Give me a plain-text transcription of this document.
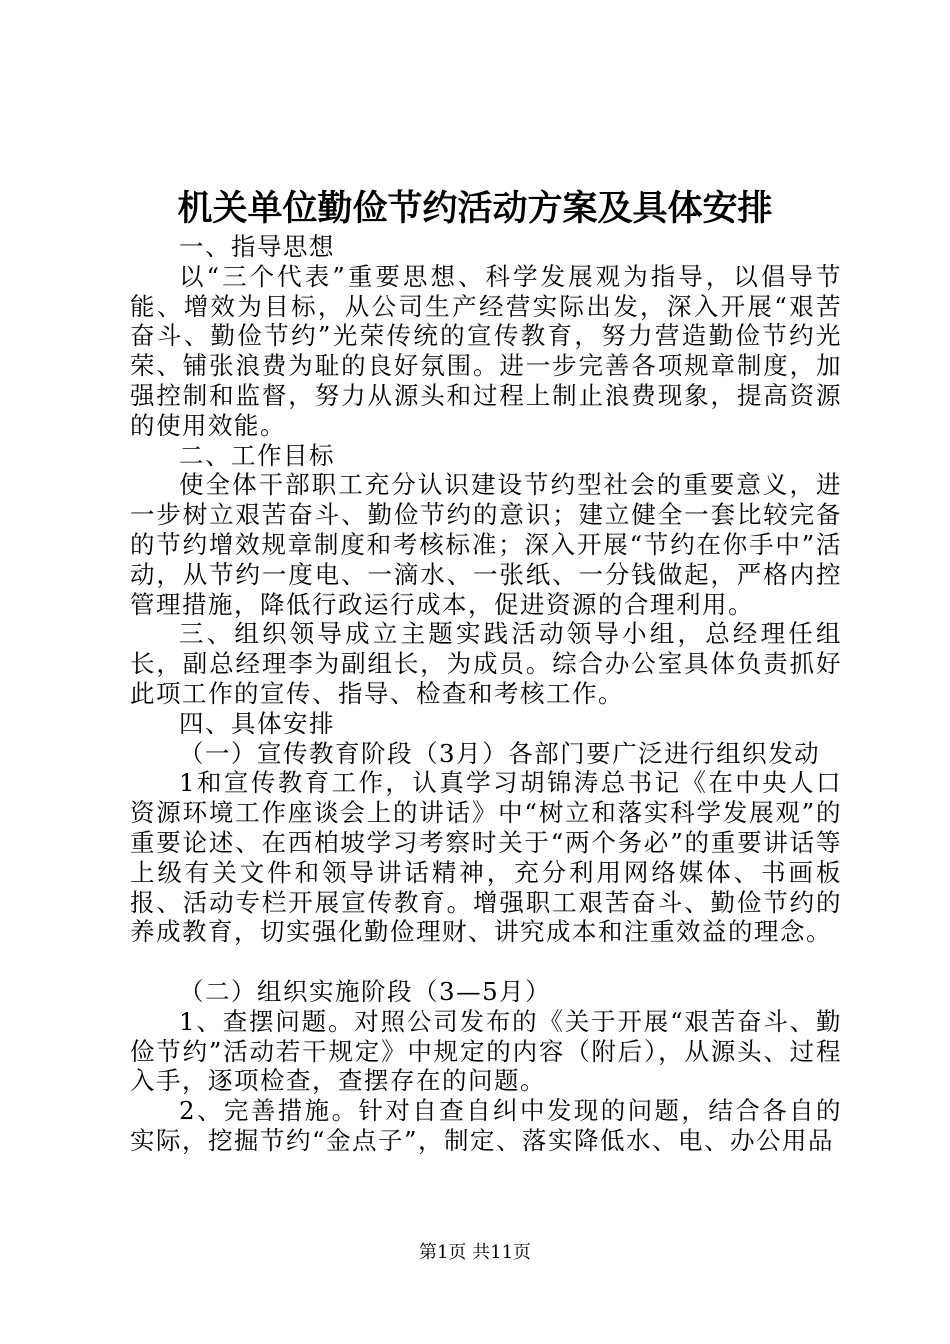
机关单位勤俭节约活动方案及具体安排

一、指导思想

以“三个代表”重要思想、科学发展观为指导，以倡导节能、增效为目标，从公司生产经营实际出发，深入开展“艰苦奋斗、勤俭节约”光荣传统的宣传教育，努力营造勤俭节约光荣、铺张浪费为耻的良好氛围。进一步完善各项规章制度，加强控制和监督，努力从源头和过程上制止浪费现象，提高资源的使用效能。

二、工作目标

使全体干部职工充分认识建设节约型社会的重要意义，进一步树立艰苦奋斗、勤俭节约的意识；建立健全一套比较完备的节约增效规章制度和考核标准；深入开展“节约在你手中”活动，从节约一度电、一滴水、一张纸、一分钱做起，严格内控管理措施，降低行政运行成本，促进资源的合理利用。

三、组织领导成立主题实践活动领导小组，总经理任组长，副总经理李为副组长，为成员。综合办公室具体负责抓好此项工作的宣传、指导、检查和考核工作。

四、具体安排

（一）宣传教育阶段（3月）各部门要广泛进行组织发动

1和宣传教育工作，认真学习胡锦涛总书记《在中央人口资源环境工作座谈会上的讲话》中“树立和落实科学发展观”的重要论述、在西柏坡学习考察时关于“两个务必”的重要讲话等上级有关文件和领导讲话精神，充分利用网络媒体、书画板报、活动专栏开展宣传教育。增强职工艰苦奋斗、勤俭节约的养成教育，切实强化勤俭理财、讲究成本和注重效益的理念。

（二）组织实施阶段（3—5月）

1、查摆问题。对照公司发布的《关于开展“艰苦奋斗、勤俭节约”活动若干规定》中规定的内容（附后），从源头、过程入手，逐项检查，查摆存在的问题。

2、完善措施。针对自查自纠中发现的问题，结合各自的实际，挖掘节约“金点子”，制定、落实降低水、电、办公用品

第1页 共11页
